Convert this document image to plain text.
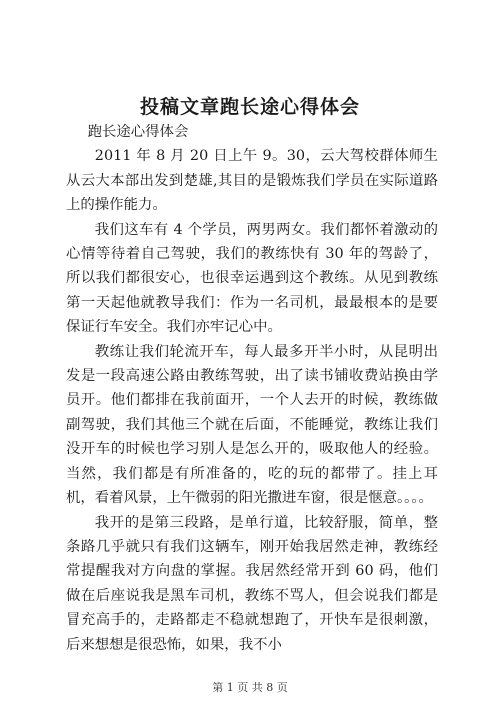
投稿文章跑长途心得体会

跑长途心得体会

2011 年 8 月 20 日上午 9。30，云大驾校群体师生从云大本部出发到楚雄,其目的是锻炼我们学员在实际道路上的操作能力。

我们这车有 4 个学员，两男两女。我们都怀着激动的心情等待着自己驾驶，我们的教练快有 30 年的驾龄了，所以我们都很安心，也很幸运遇到这个教练。从见到教练第一天起他就教导我们：作为一名司机，最最根本的是要保证行车安全。我们亦牢记心中。

教练让我们轮流开车，每人最多开半小时，从昆明出发是一段高速公路由教练驾驶，出了读书铺收费站换由学员开。他们都排在我前面开，一个人去开的时候，教练做副驾驶，我们其他三个就在后面，不能睡觉，教练让我们没开车的时候也学习别人是怎么开的，吸取他人的经验。当然，我们都是有所准备的，吃的玩的都带了。挂上耳机，看着风景，上午微弱的阳光撒进车窗，很是惬意。。。。

我开的是第三段路，是单行道，比较舒服，简单，整条路几乎就只有我们这辆车，刚开始我居然走神，教练经常提醒我对方向盘的掌握。我居然经常开到 60 码，他们做在后座说我是黑车司机，教练不骂人，但会说我们都是冒充高手的，走路都走不稳就想跑了，开快车是很刺激，后来想想是很恐怖，如果，我不小

第 1 页 共 8 页
